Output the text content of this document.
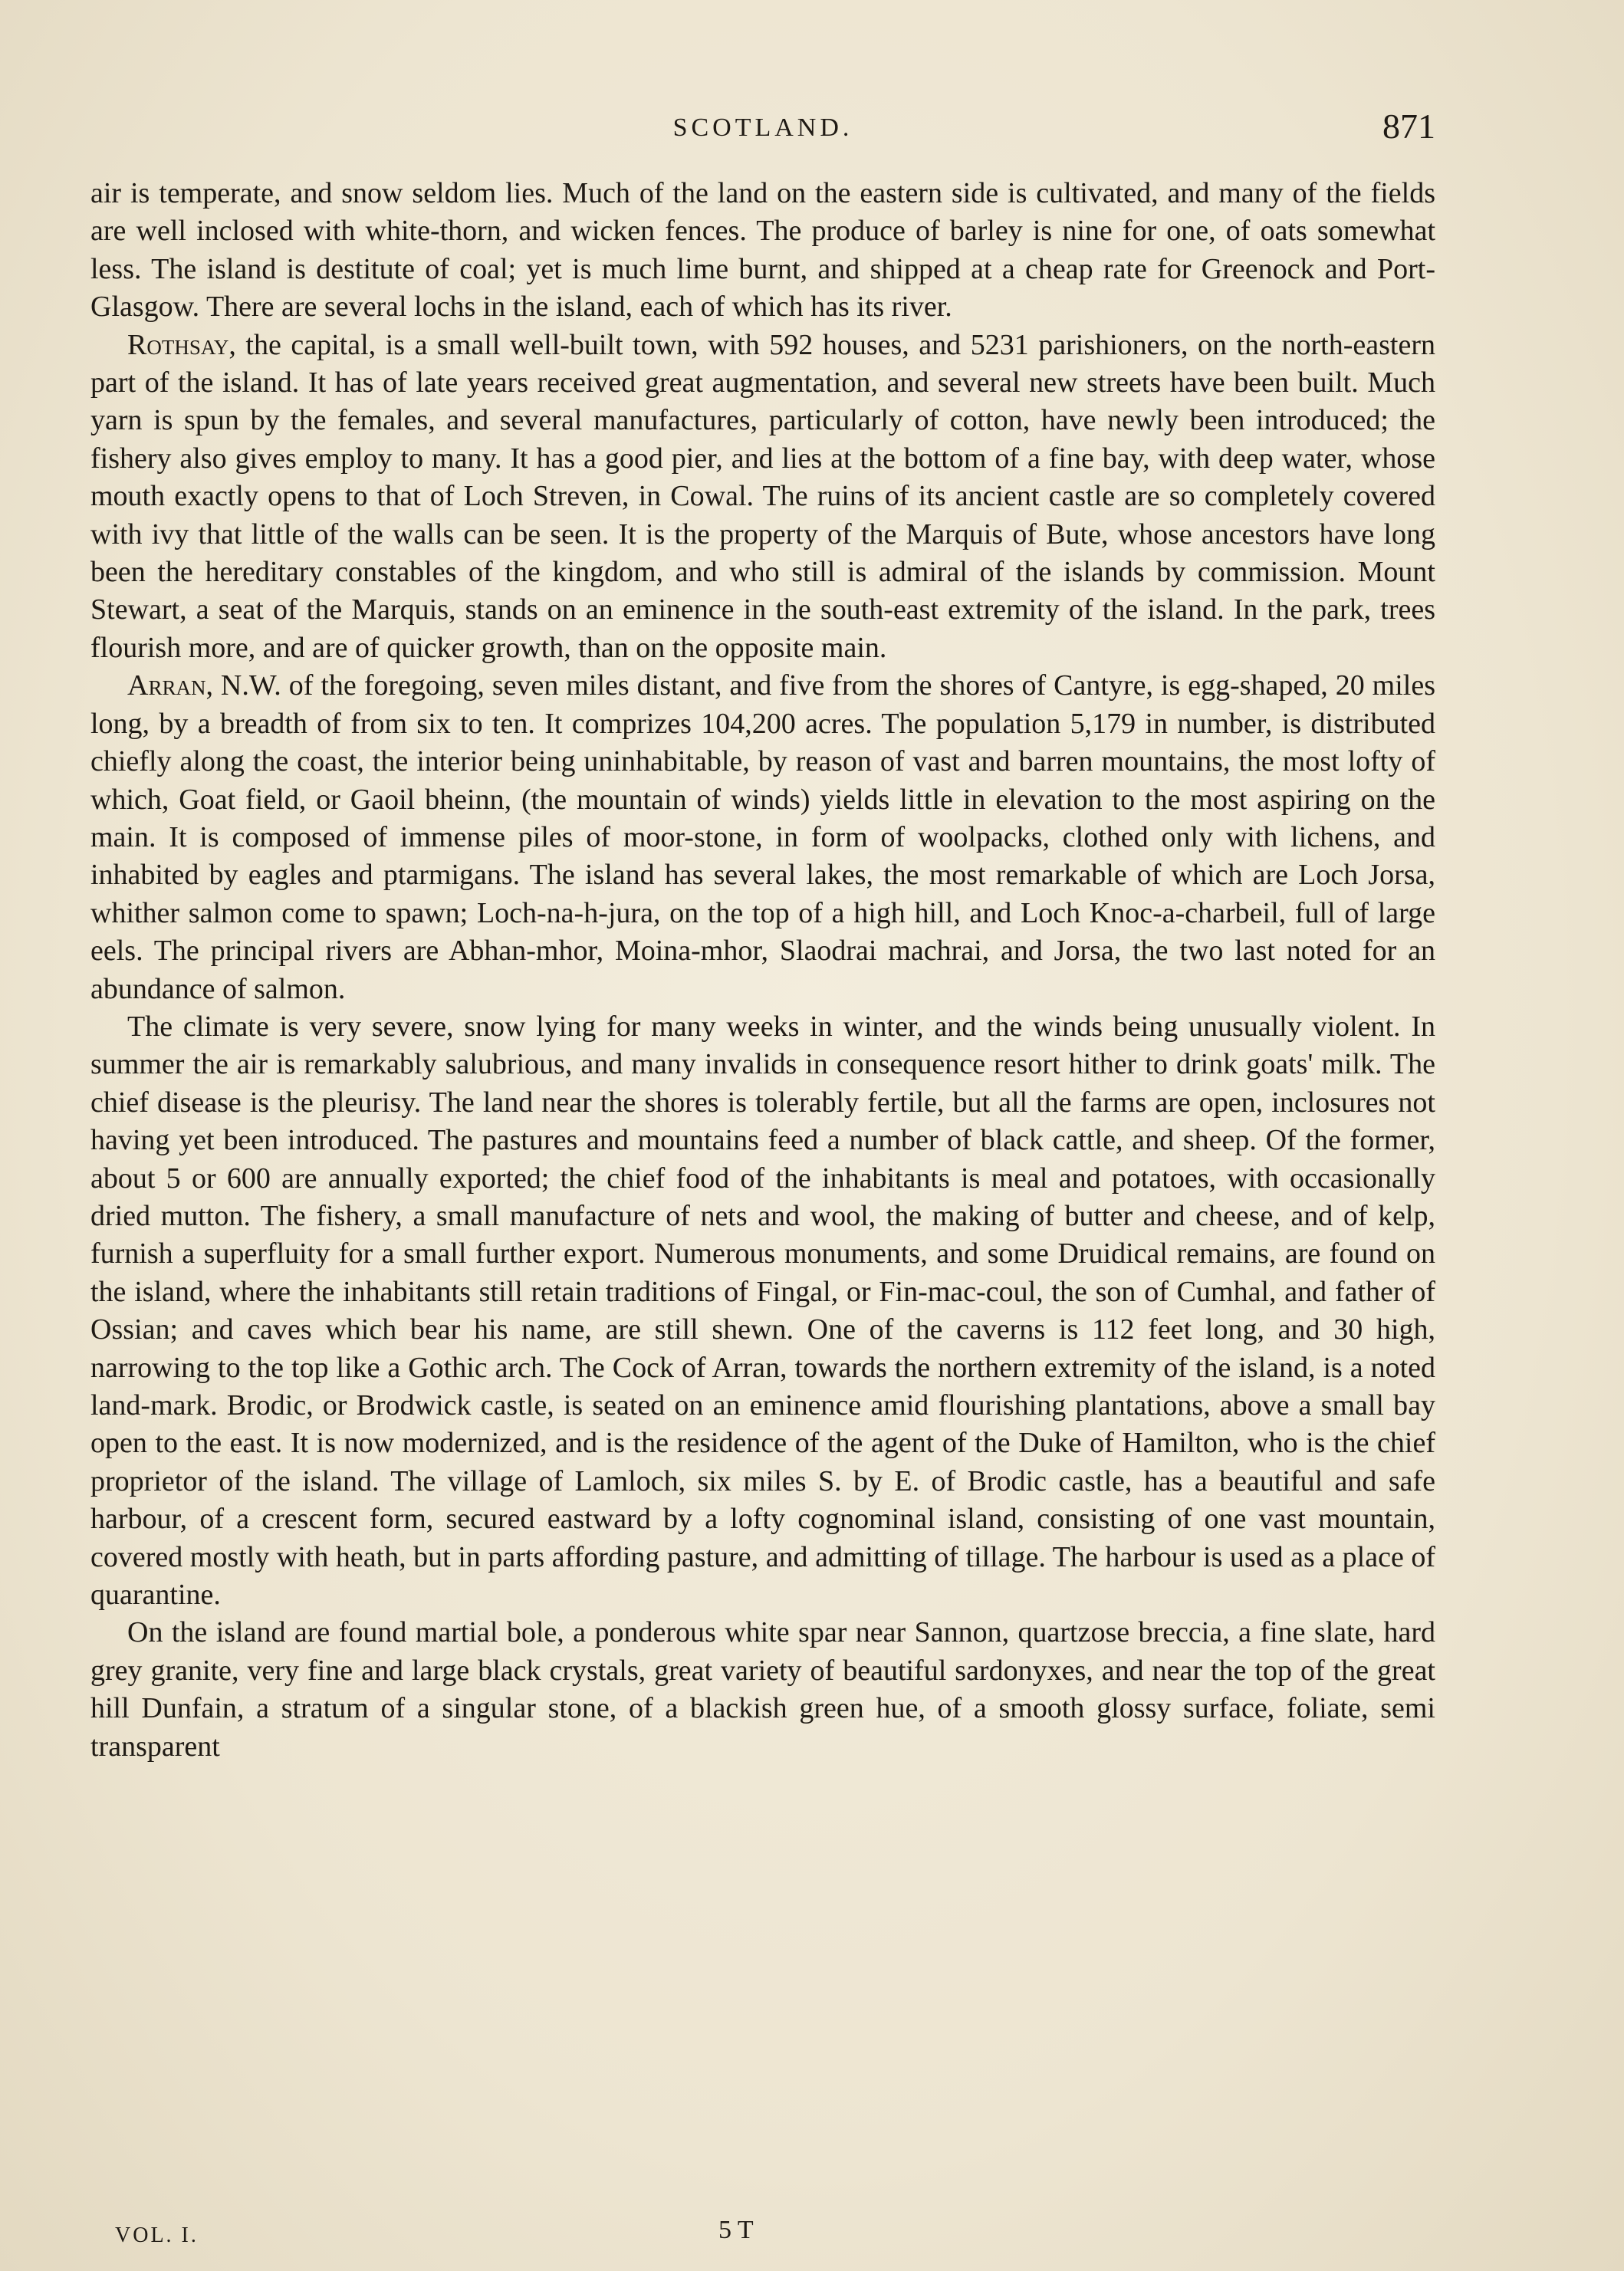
SCOTLAND.	871

air is temperate, and snow seldom lies. Much of the land on the eastern side is cultivated, and many of the fields are well inclosed with white-thorn, and wicken fences. The produce of barley is nine for one, of oats somewhat less. The island is destitute of coal; yet is much lime burnt, and shipped at a cheap rate for Greenock and Port-Glasgow. There are several lochs in the island, each of which has its river.

Rothsay, the capital, is a small well-built town, with 592 houses, and 5231 parishioners, on the north-eastern part of the island. It has of late years received great augmentation, and several new streets have been built. Much yarn is spun by the females, and several manufactures, particularly of cotton, have newly been introduced; the fishery also gives employ to many. It has a good pier, and lies at the bottom of a fine bay, with deep water, whose mouth exactly opens to that of Loch Streven, in Cowal. The ruins of its ancient castle are so completely covered with ivy that little of the walls can be seen. It is the property of the Marquis of Bute, whose ancestors have long been the hereditary constables of the kingdom, and who still is admiral of the islands by commission. Mount Stewart, a seat of the Marquis, stands on an eminence in the south-east extremity of the island. In the park, trees flourish more, and are of quicker growth, than on the opposite main.

Arran, N.W. of the foregoing, seven miles distant, and five from the shores of Cantyre, is egg-shaped, 20 miles long, by a breadth of from six to ten. It comprizes 104,200 acres. The population 5,179 in number, is distributed chiefly along the coast, the interior being uninhabitable, by reason of vast and barren mountains, the most lofty of which, Goat field, or Gaoil bheinn, (the mountain of winds) yields little in elevation to the most aspiring on the main. It is composed of immense piles of moor-stone, in form of woolpacks, clothed only with lichens, and inhabited by eagles and ptarmigans. The island has several lakes, the most remarkable of which are Loch Jorsa, whither salmon come to spawn; Loch-na-h-jura, on the top of a high hill, and Loch Knoc-a-charbeil, full of large eels. The principal rivers are Abhan-mhor, Moina-mhor, Slaodrai machrai, and Jorsa, the two last noted for an abundance of salmon.

The climate is very severe, snow lying for many weeks in winter, and the winds being unusually violent. In summer the air is remarkably salubrious, and many invalids in consequence resort hither to drink goats' milk. The chief disease is the pleurisy. The land near the shores is tolerably fertile, but all the farms are open, inclosures not having yet been introduced. The pastures and mountains feed a number of black cattle, and sheep. Of the former, about 5 or 600 are annually exported; the chief food of the inhabitants is meal and potatoes, with occasionally dried mutton. The fishery, a small manufacture of nets and wool, the making of butter and cheese, and of kelp, furnish a superfluity for a small further export. Numerous monuments, and some Druidical remains, are found on the island, where the inhabitants still retain traditions of Fingal, or Fin-mac-coul, the son of Cumhal, and father of Ossian; and caves which bear his name, are still shewn. One of the caverns is 112 feet long, and 30 high, narrowing to the top like a Gothic arch. The Cock of Arran, towards the northern extremity of the island, is a noted land-mark. Brodic, or Brodwick castle, is seated on an eminence amid flourishing plantations, above a small bay open to the east. It is now modernized, and is the residence of the agent of the Duke of Hamilton, who is the chief proprietor of the island. The village of Lamloch, six miles S. by E. of Brodic castle, has a beautiful and safe harbour, of a crescent form, secured eastward by a lofty cognominal island, consisting of one vast mountain, covered mostly with heath, but in parts affording pasture, and admitting of tillage. The harbour is used as a place of quarantine.

On the island are found martial bole, a ponderous white spar near Sannon, quartzose breccia, a fine slate, hard grey granite, very fine and large black crystals, great variety of beautiful sardonyxes, and near the top of the great hill Dunfain, a stratum of a singular stone, of a blackish green hue, of a smooth glossy surface, foliate, semi transparent

VOL. I.	5 T
